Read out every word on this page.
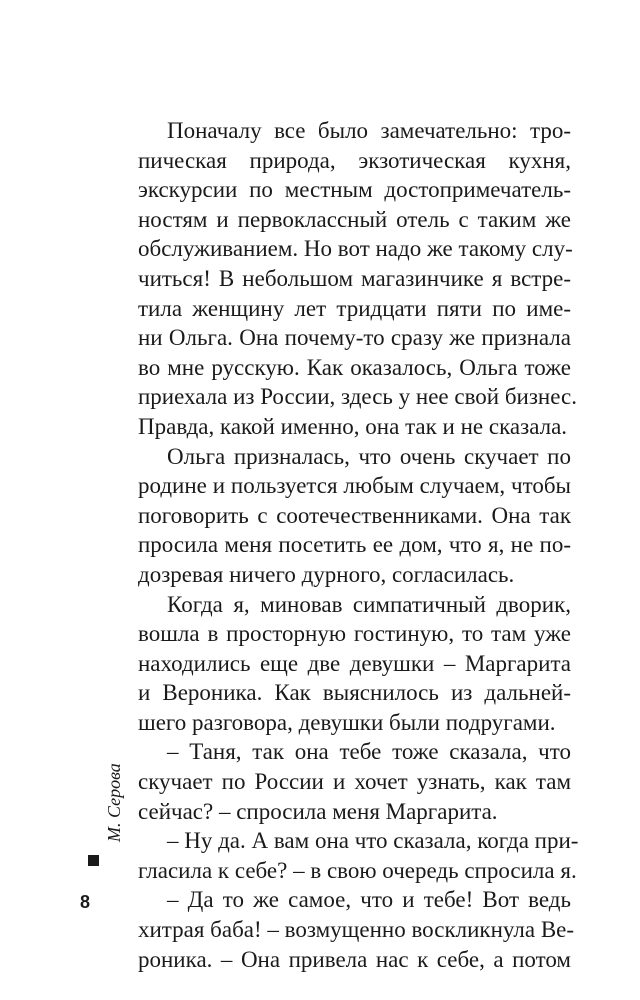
Поначалу все было замечательно: тро-
пическая природа, экзотическая кухня,
экскурсии по местным достопримечатель-
ностям и первоклассный отель с таким же
обслуживанием. Но вот надо же такому слу-
читься! В небольшом магазинчике я встре-
тила женщину лет тридцати пяти по име-
ни Ольга. Она почему-то сразу же признала
во мне русскую. Как оказалось, Ольга тоже
приехала из России, здесь у нее свой бизнес.
Правда, какой именно, она так и не сказала.
Ольга призналась, что очень скучает по
родине и пользуется любым случаем, чтобы
поговорить с соотечественниками. Она так
просила меня посетить ее дом, что я, не по-
дозревая ничего дурного, согласилась.
Когда я, миновав симпатичный дворик,
вошла в просторную гостиную, то там уже
находились еще две девушки – Маргарита
и Вероника. Как выяснилось из дальней-
шего разговора, девушки были подругами.
– Таня, так она тебе тоже сказала, что
скучает по России и хочет узнать, как там
сейчас? – спросила меня Маргарита.
– Ну да. А вам она что сказала, когда при-
гласила к себе? – в свою очередь спросила я.
– Да то же самое, что и тебе! Вот ведь
хитрая баба! – возмущенно воскликнула Ве-
роника. – Она привела нас к себе, а потом
М. Серова
8
